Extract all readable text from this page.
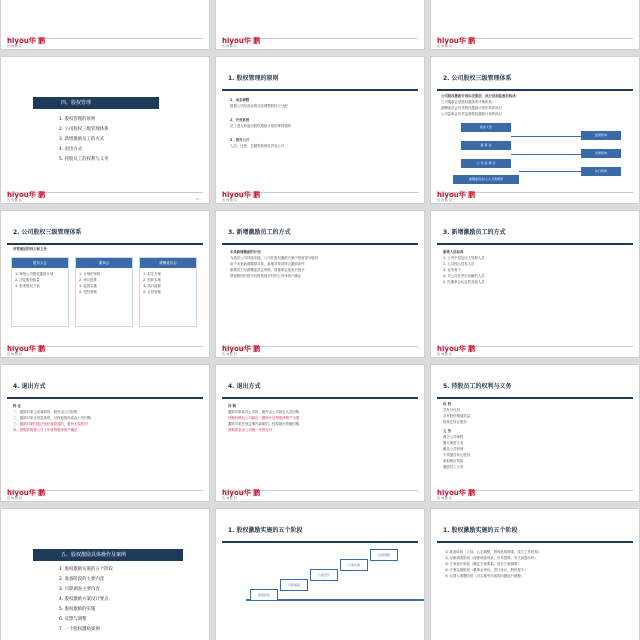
hiyou华 鹏
咨 询 顾 问
hiyou华 鹏
咨 询 顾 问
hiyou华 鹏
咨 询 顾 问
四、股权管理
1. 股权管理的原则
2. 公司股权三级管理体系
3. 新增激励员工的方式
4. 退出方式
5. 持股员工的权利与义务
hiyou华 鹏
咨 询 顾 问	15
1. 股权管理的原则
1、动态调整
根据公司经营业绩动态调整股权与分配
2、开放系统
员工进入和退出股权激励计划的规则透明
3、相对公开
人员、比例、总额等原则性内容公开
hiyou华 鹏
咨 询 顾 问
2. 公司股权三级管理体系
公司股权激励计划由决策层、执行层和监督层构成：
公司董事会是股权激励的决策机构
薪酬委员会负责股权激励计划的具体执行
公司监事会负责监督股权激励计划的执行
股东大会
董 事 会
公 司 监 事 会
薪酬委员会/人人力资源部
监督机构
决策机构
执行机构
hiyou华 鹏
咨 询 顾 问
2. 公司股权三级管理体系
各管理层的权力和义务
股东大会
1. 审批公司股权激励计划
2. 决定股份数量
3. 批准股权方案
董事会
1. 计划的审核
2. 审议批准
3. 监督实施
4. 授权管理
薪酬委员会
1. 拟定方案
2. 组织实施
3. 执行监督
4. 日常管理
hiyou华 鹏
咨 询 顾 问
3. 新增激励员工的方式
未来新增激励的计划
为适应公司持续发展，公司在股权激励方案中预留部分股份
用于未来新增激励对象，新增对象须符合激励条件
新增员工经薪酬委员会审核，报董事会批准后授予
预留股份的授予价格按授予时的公司净资产确定
hiyou华 鹏
咨 询 顾 问
3. 新增激励员工的方式
新增人员标准
1. 公司中层及以上管理人员
2. 公司核心技术人员
3. 业务骨干
4. 对公司有突出贡献的人员
5. 经董事会认定的其他人员
hiyou华 鹏
咨 询 顾 问
4. 退出方式
特 注
一、激励对象主动离职的，股份由公司回购
二、激励对象正常退休的，可保留股份或由公司回购
三、激励对象因违法违纪被辞退的，股份无偿收回
四、回购价格按公司上年度每股净资产确定
hiyou华 鹏
咨 询 顾 问
4. 退出方式
回 购
激励对象离开公司时，股份由公司指定人员回购
回购价格以公司最近一期审计后每股净资产为准
激励对象在锁定期内离职的，按原始出资额回购
回购资金由公司统一安排支付
hiyou华 鹏
咨 询 顾 问
5. 持股员工的权利与义务
权 利
享有分红权
享有股份增值收益
按规定转让股份
义 务
遵守公司章程
履行保密义务
服从公司管理
不得擅自转让股份
承担相应风险
激励员工义务
hiyou华 鹏
咨 询 顾 问
五、股权激励具体操作及案例
1. 股权激励实施的五个阶段
2. 准备阶段的主要内容
3. 尽职调查主要内容
4. 股权激励方案设计要点
5. 股权激励的实施
6. 反馈与调整
7. 一个股权激励案例
1. 股权激励实施的五个阶段
准备阶段
尽职调查
方案设计
方案实施
反馈调整
1. 股权激励实施的五个阶段
1) 准备阶段（立项，心态调整，咨询机构聘请，成立工作机构）
2) 尽职调查阶段（深度调查现状、引导思路、有关问题分析）
3) 方案设计阶段（确定方案要素，进行方案测算）
4) 方案实施阶段（董事会审议、签订协议、股份授予）
5) 反馈与调整阶段（对实施中出现的问题进行调整）
